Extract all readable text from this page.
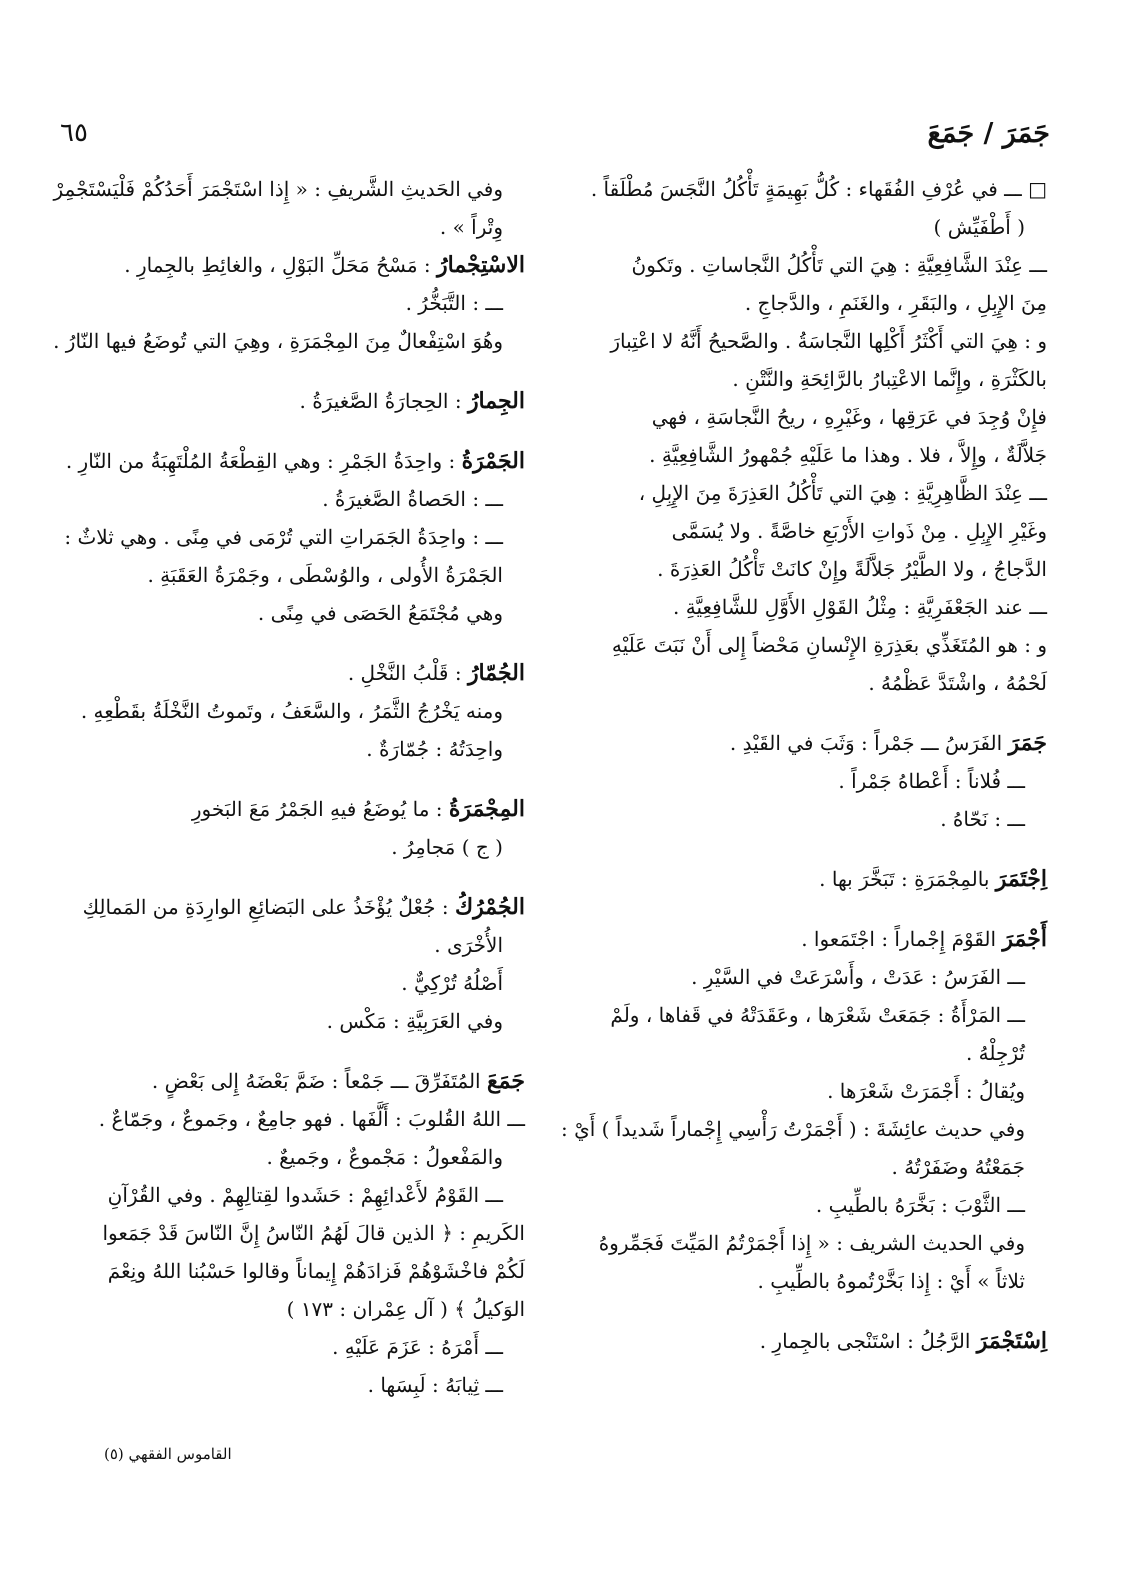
٦٥	جَمَرَ / جَمَعَ

□ ـــ في عُرْفِ الفُقَهاء : كُلُّ بَهِيمَةٍ تَأْكُلُ النَّجَسَ مُطْلَقاً .

( أَطْفَيِّش )

ـــ عِنْدَ الشَّافِعِيَّةِ : هِيَ التي تَأْكُلُ النَّجاساتِ . وتَكونُ

مِنَ الإِبِلِ ، والبَقَرِ ، والغَنَمِ ، والدَّجاجِ .

و : هِيَ التي أَكْثَرُ أَكْلِها النَّجاسَةُ . والصَّحيحُ أَنَّهُ لا اعْتِبارَ

بالكَثْرَةِ ، وإِنَّما الاعْتِبارُ بالرَّائِحَةِ والنَّتْنِ .

فإِنْ وُجِدَ في عَرَقِها ، وغَيْرِهِ ، ريحُ النَّجاسَةِ ، فهي

جَلاَّلَةٌ ، وإِلاَّ ، فلا . وهذا ما عَلَيْهِ جُمْهورُ الشَّافِعِيَّةِ .

ـــ عِنْدَ الظَّاهِرِيَّةِ : هِيَ التي تَأْكُلُ العَذِرَةَ مِنَ الإِبِلِ ،

وغَيْرِ الإِبِلِ . مِنْ ذَواتِ الأَرْبَعِ خاصَّةً . ولا يُسَمَّى

الدَّجاجُ ، ولا الطَّيْرُ جَلاَّلَةً وإِنْ كانَتْ تَأْكُلُ العَذِرَةَ .

ـــ عند الجَعْفَرِيَّةِ : مِثْلُ القَوْلِ الأَوَّلِ للشَّافِعِيَّةِ .

و : هو المُتَغَذِّي بعَذِرَةِ الإِنْسانِ مَحْضاً إِلى أَنْ نَبَتَ عَلَيْهِ

لَحْمُهُ ، واشْتَدَّ عَظْمُهُ .

جَمَرَ الفَرَسُ ـــ جَمْراً : وَثَبَ في القَيْدِ .

ـــ فُلاناً : أَعْطاهُ جَمْراً .

ـــ : نَحّاهُ .

اِجْتَمَرَ بالمِجْمَرَةِ : تَبَخَّرَ بها .

أَجْمَرَ القَوْمَ إِجْماراً : اجْتَمَعوا .

ـــ الفَرَسُ : عَدَتْ ، وأَسْرَعَتْ في السَّيْرِ .

ـــ المَرْأَةُ : جَمَعَتْ شَعْرَها ، وعَقَدَتْهُ في قَفاها ، ولَمْ

تُرْجِلْهُ .

ويُقالُ : أَجْمَرَتْ شَعْرَها .

وفي حديث عائِشَةَ : ( أَجْمَرْتُ رَأْسِي إِجْماراً شَديداً ) أَيْ :

جَمَعْتُهُ وضَفَرْتُهُ .

ـــ الثَّوْبَ : بَخَّرَهُ بالطِّيبِ .

وفي الحديث الشريف : « إِذا أَجْمَرْتُمُ المَيِّتَ فَجَمِّروهُ

ثلاثاً » أَيْ : إِذا بَخَّرْتُموهُ بالطِّيبِ .

اِسْتَجْمَرَ الرَّجُلُ : اسْتَنْجى بالجِمارِ .

وفي الحَديثِ الشَّريفِ : « إِذا اسْتَجْمَرَ أَحَدُكُمْ فَلْيَسْتَجْمِرْ

وِتْراً » .

الاسْتِجْمارُ : مَسْحُ مَحَلِّ البَوْلِ ، والغائِطِ بالجِمارِ .

ـــ : التَّبَخُّرُ .

وهُوَ اسْتِفْعالٌ مِنَ المِجْمَرَةِ ، وهِيَ التي تُوضَعُ فيها النّارُ .

الجِمارُ : الحِجارَةُ الصَّغيرَةُ .

الجَمْرَةُ : واحِدَةُ الجَمْرِ : وهي القِطْعَةُ المُلْتَهِبَةُ من النّارِ .

ـــ : الحَصاةُ الصَّغيرَةُ .

ـــ : واحِدَةُ الجَمَراتِ التي تُرْمَى في مِنًى . وهي ثلاثٌ :

الجَمْرَةُ الأُولى ، والوُسْطَى ، وجَمْرَةُ العَقَبَةِ .

وهي مُجْتَمَعُ الحَصَى في مِنًى .

الجُمّارُ : قَلْبُ النَّخْلِ .

ومنه يَخْرُجُ الثَّمَرُ ، والسَّعَفُ ، وتَموتُ النَّخْلَةُ بقَطْعِهِ .

واحِدَتُهُ : جُمّارَةٌ .

المِجْمَرَةُ : ما يُوضَعُ فيهِ الجَمْرُ مَعَ البَخورِ

( ج ) مَجامِرُ .

الجُمْرُكُ : جُعْلٌ يُؤْخَذُ على البَضائِعِ الوارِدَةِ من المَمالِكِ

الأُخْرَى .

أَصْلُهُ تُرْكِيٌّ .

وفي العَرَبِيَّةِ : مَكْس .

جَمَعَ المُتَفَرِّقَ ـــ جَمْعاً : ضَمَّ بَعْضَهُ إِلى بَعْضٍ .

ـــ اللهُ القُلوبَ : أَلَّفَها . فهو جامِعٌ ، وجَموعٌ ، وجَمّاعٌ .

والمَفْعولُ : مَجْموعٌ ، وجَميعٌ .

ـــ القَوْمُ لأَعْدائِهِمْ : حَشَدوا لقِتالِهِمْ . وفي القُرْآنِ

الكَريمِ : ﴿ الذين قالَ لَهُمُ النّاسُ إِنَّ النّاسَ قَدْ جَمَعوا

لَكُمْ فاخْشَوْهُمْ فَزادَهُمْ إِيماناً وقالوا حَسْبُنا اللهُ ونِعْمَ

الوَكيلُ ﴾ ( آل عِمْران : ١٧٣ )

ـــ أَمْرَهُ : عَزَمَ عَلَيْهِ .

ـــ ثِيابَهُ : لَبِسَها .

القاموس الفقهي (٥)
